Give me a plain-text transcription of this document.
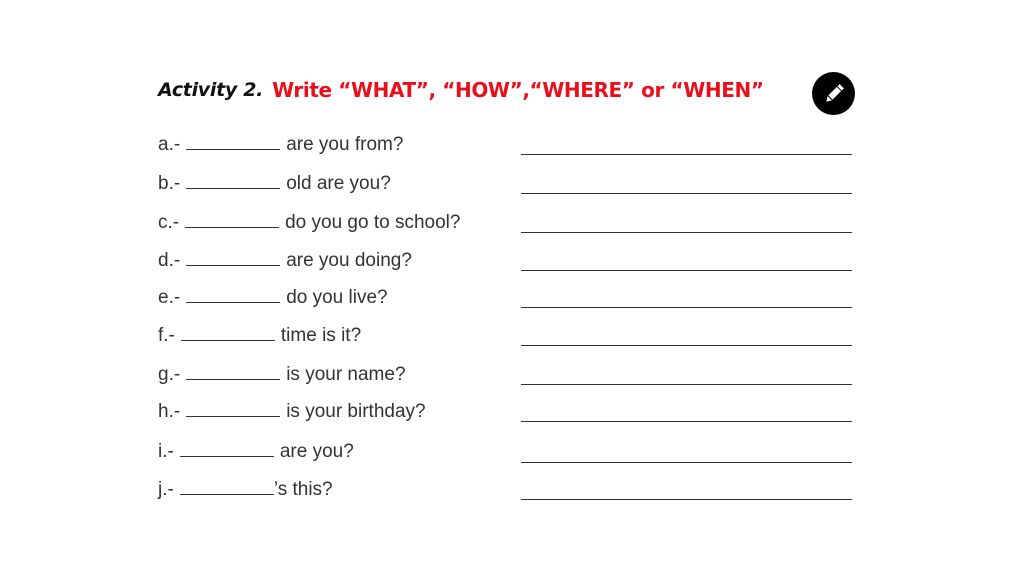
Activity 2. Write “WHAT”, “HOW”,“WHERE” or “WHEN”
a.-	are you from?
b.-	old are you?
c.-	do you go to school?
d.-	are you doing?
e.-	do you live?
f.-	time is it?
g.-	is your name?
h.-	is your birthday?
i.-	are you?
j.-	’s this?
